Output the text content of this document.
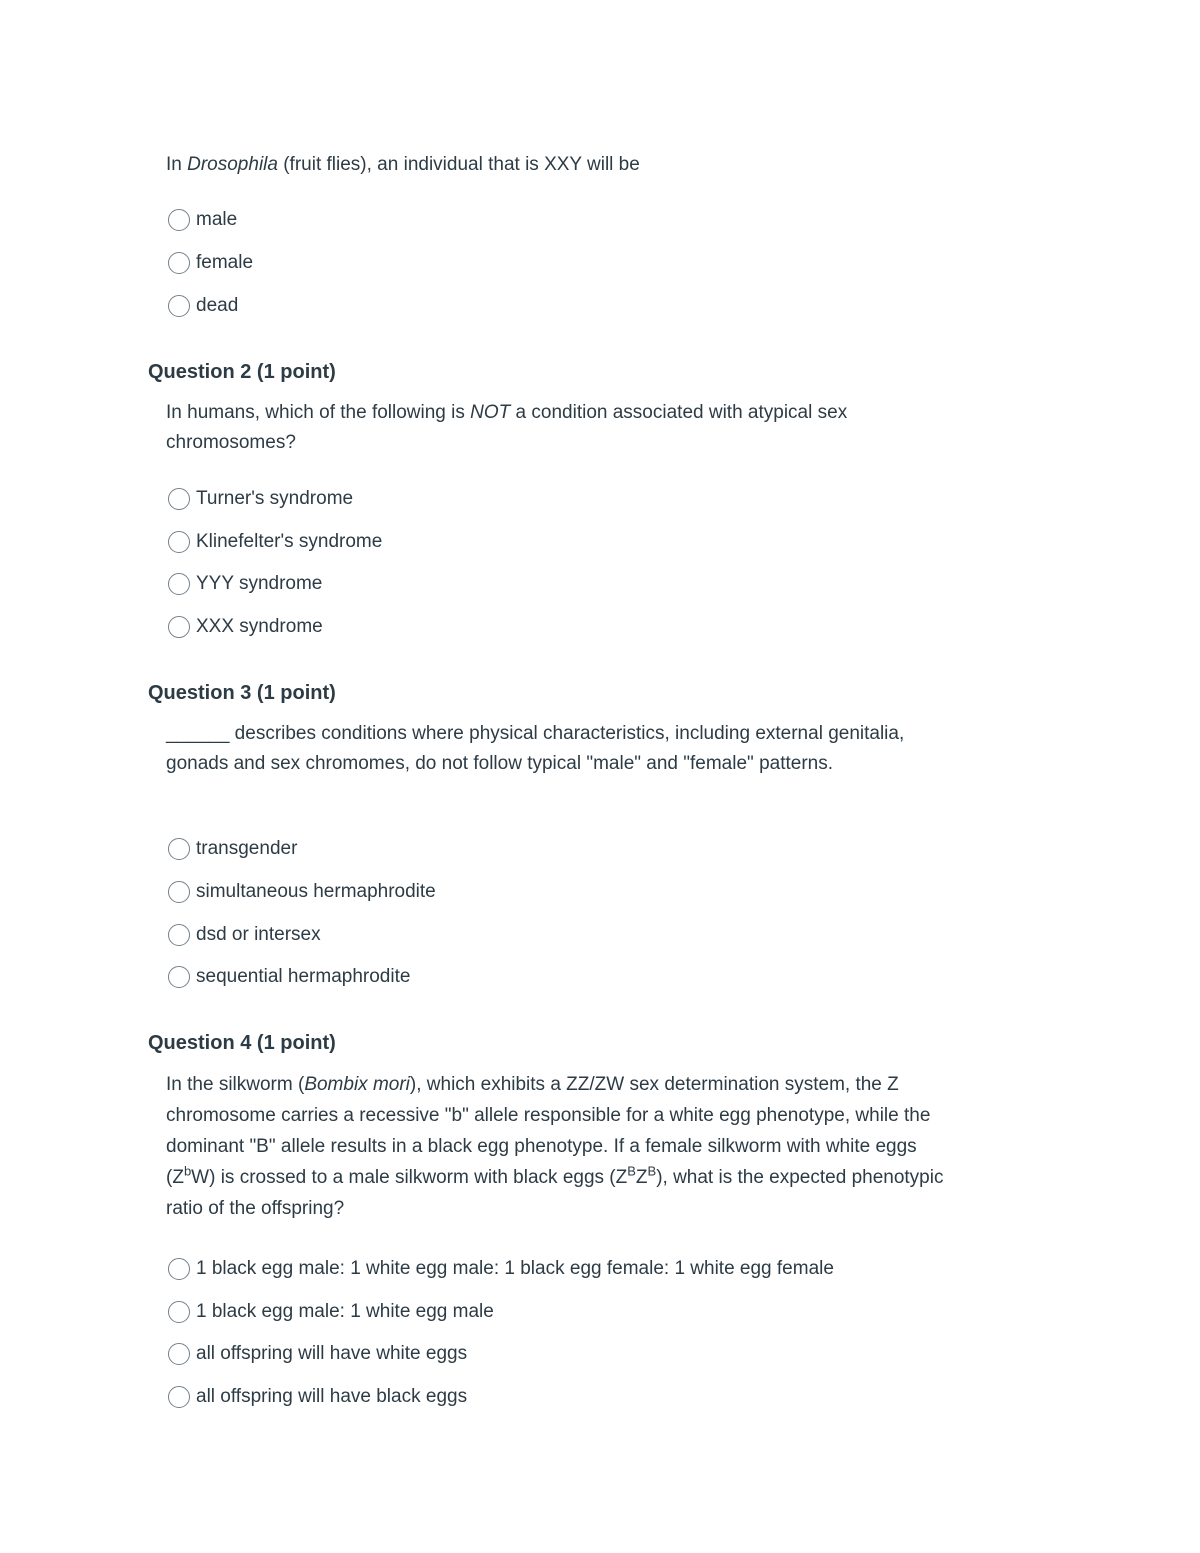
In Drosophila (fruit flies), an individual that is XXY will be

male
female
dead
Question 2 (1 point)

In humans, which of the following is NOT a condition associated with atypical sex chromosomes?

Turner's syndrome
Klinefelter's syndrome
YYY syndrome
XXX syndrome
Question 3 (1 point)

______ describes conditions where physical characteristics, including external genitalia, gonads and sex chromomes, do not follow typical "male" and "female" patterns.

transgender
simultaneous hermaphrodite
dsd or intersex
sequential hermaphrodite
Question 4 (1 point)

In the silkworm (Bombix mori), which exhibits a ZZ/ZW sex determination system, the Z chromosome carries a recessive "b" allele responsible for a white egg phenotype, while the dominant "B" allele results in a black egg phenotype. If a female silkworm with white eggs $(Z^bW)$ is crossed to a male silkworm with black eggs $(Z^BZ^B)$, what is the expected phenotypic ratio of the offspring?

1 black egg male: 1 white egg male: 1 black egg female: 1 white egg female
1 black egg male: 1 white egg male
all offspring will have white eggs
all offspring will have black eggs
